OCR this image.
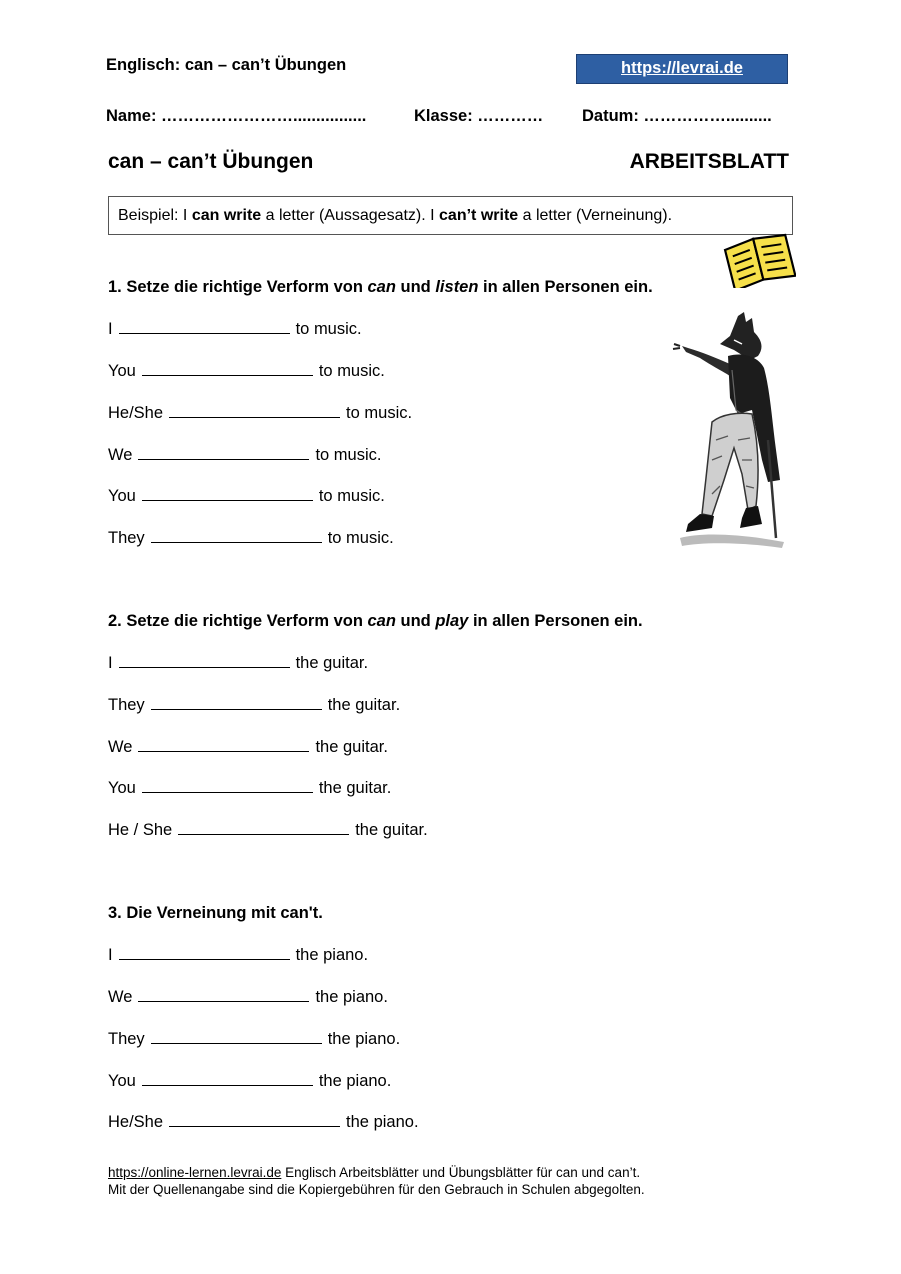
Englisch: can – can’t Übungen	https://levrai.de
Name: ……………………................	Klasse: ………… Datum: ……………..........
can – can’t Übungen	ARBEITSBLATT
Beispiel: I can write a letter (Aussagesatz). I can’t write a letter (Verneinung).
1. Setze die richtige Verform von can und listen in allen Personen ein.
I	to music.
You	to music.
He/She	to music.
We	to music.
You	to music.
They	to music.
2. Setze die richtige Verform von can und play in allen Personen ein.
I	the guitar.
They	the guitar.
We	the guitar.
You	the guitar.
He / She	the guitar.
3. Die Verneinung mit can't.
I	the piano.
We	the piano.
They	the piano.
You	the piano.
He/She	the piano.
https://online-lernen.levrai.de Englisch Arbeitsblätter und Übungsblätter für can und can’t.
Mit der Quellenangabe sind die Kopiergebühren für den Gebrauch in Schulen abgegolten.
